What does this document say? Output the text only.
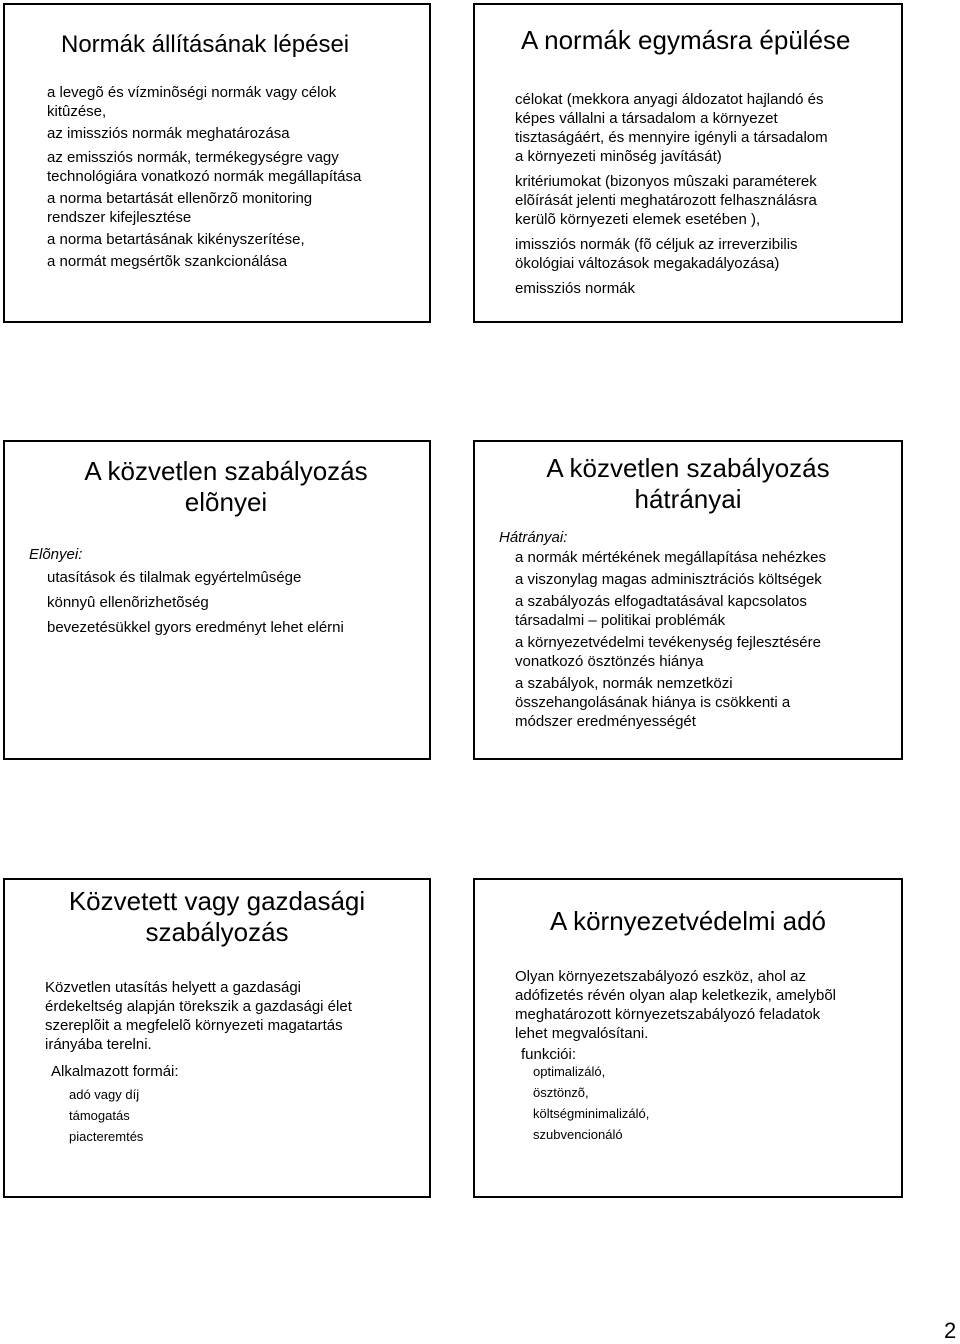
Normák állításának lépései

a levegõ és vízminõségi normák vagy célok

kitûzése,

az imissziós normák meghatározása

az emissziós normák, termékegységre vagy

technológiára vonatkozó normák megállapítása

a norma betartását ellenõrzõ monitoring

rendszer kifejlesztése

a norma betartásának kikényszerítése,

a normát megsértõk szankcionálása

A normák egymásra épülése

célokat (mekkora anyagi áldozatot hajlandó és

képes vállalni a társadalom a környezet

tisztaságáért, és mennyire igényli a társadalom

a környezeti minõség javítását)

kritériumokat (bizonyos mûszaki paraméterek

elõírását jelenti meghatározott felhasználásra

kerülõ környezeti elemek esetében ),

imissziós normák (fõ céljuk az irreverzibilis

ökológiai változások megakadályozása)

emissziós normák

A közvetlen szabályozás
elõnyei
Elõnyei:

utasítások és tilalmak egyértelmûsége

könnyû ellenõrizhetõség

bevezetésükkel gyors eredményt lehet elérni

A közvetlen szabályozás
hátrányai
Hátrányai:

a normák mértékének megállapítása nehézkes

a viszonylag magas adminisztrációs költségek

a szabályozás elfogadtatásával kapcsolatos

társadalmi – politikai problémák

a környezetvédelmi tevékenység fejlesztésére

vonatkozó ösztönzés hiánya

a szabályok, normák nemzetközi

összehangolásának hiánya is csökkenti a

módszer eredményességét

Közvetett vagy gazdasági
szabályozás

Közvetlen utasítás helyett a gazdasági

érdekeltség alapján törekszik a gazdasági élet

szereplõit a megfelelõ környezeti magatartás

irányába terelni.

Alkalmazott formái:

adó vagy díj

támogatás

piacteremtés

A környezetvédelmi adó

Olyan környezetszabályozó eszköz, ahol az

adófizetés révén olyan alap keletkezik, amelybõl

meghatározott környezetszabályozó feladatok

lehet megvalósítani.

funkciói:

optimalizáló,

ösztönzõ,

költségminimalizáló,

szubvencionáló

2
